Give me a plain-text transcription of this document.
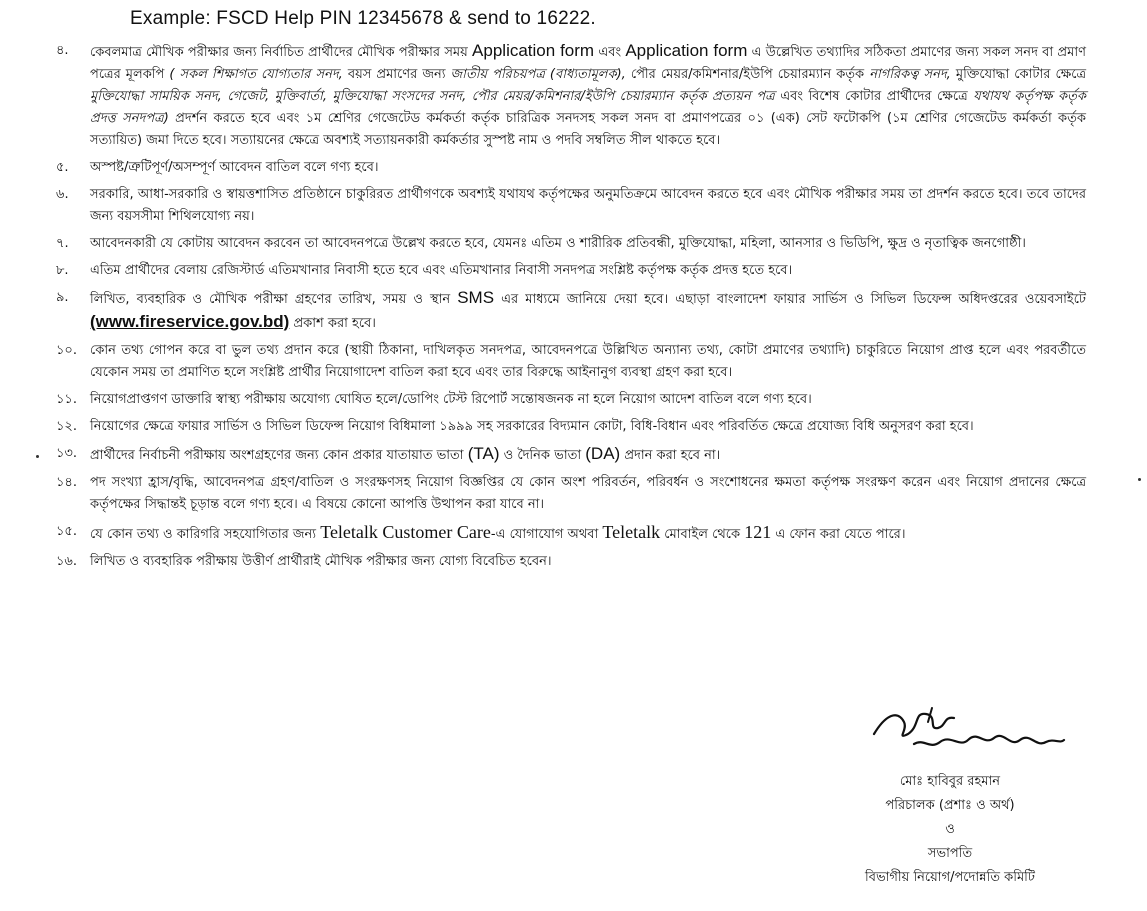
Example: FSCD Help PIN 12345678 & send to 16222.
৪.	কেবলমাত্র মৌখিক পরীক্ষার জন্য নির্বাচিত প্রার্থীদের মৌখিক পরীক্ষার সময় Application form এবং Application form এ উল্লেখিত তথ্যাদির সঠিকতা প্রমাণের জন্য সকল সনদ বা প্রমাণ পত্রের মূলকপি ( সকল শিক্ষাগত যোগ্যতার সনদ, বয়স প্রমাণের জন্য জাতীয় পরিচয়পত্র (বাধ্যতামূলক), পৌর মেয়র/কমিশনার/ইউপি চেয়ারম্যান কর্তৃক নাগরিকত্ব সনদ, মুক্তিযোদ্ধা কোটার ক্ষেত্রে মুক্তিযোদ্ধা সাময়িক সনদ, গেজেট, মুক্তিবার্তা, মুক্তিযোদ্ধা সংসদের সনদ, পৌর মেয়র/কমিশনার/ইউপি চেয়ারম্যান কর্তৃক প্রত্যয়ন পত্র এবং বিশেষ কোটার প্রার্থীদের ক্ষেত্রে যথাযথ কর্তৃপক্ষ কর্তৃক প্রদত্ত সনদপত্র) প্রদর্শন করতে হবে এবং ১ম শ্রেণির গেজেটেড কর্মকর্তা কর্তৃক চারিত্রিক সনদসহ সকল সনদ বা প্রমাণপত্রের ০১ (এক) সেট ফটোকপি (১ম শ্রেণির গেজেটেড কর্মকর্তা কর্তৃক সত্যায়িত) জমা দিতে হবে। সত্যায়নের ক্ষেত্রে অবশ্যই সত্যায়নকারী কর্মকর্তার সুস্পষ্ট নাম ও পদবি সম্বলিত সীল থাকতে হবে।
৫.	অস্পষ্ট/ত্রুটিপূর্ণ/অসম্পূর্ণ আবেদন বাতিল বলে গণ্য হবে।
৬.	সরকারি, আধা-সরকারি ও স্বায়ত্তশাসিত প্রতিষ্ঠানে চাকুরিরত প্রার্থীগণকে অবশ্যই যথাযথ কর্তৃপক্ষের অনুমতিক্রমে আবেদন করতে হবে এবং মৌখিক পরীক্ষার সময় তা প্রদর্শন করতে হবে। তবে তাদের জন্য বয়সসীমা শিথিলযোগ্য নয়।
৭.	আবেদনকারী যে কোটায় আবেদন করবেন তা আবেদনপত্রে উল্লেখ করতে হবে, যেমনঃ এতিম ও শারীরিক প্রতিবন্ধী, মুক্তিযোদ্ধা, মহিলা, আনসার ও ভিডিপি, ক্ষুদ্র ও নৃতাত্বিক জনগোষ্ঠী।
৮.	এতিম প্রার্থীদের বেলায় রেজিস্টার্ড এতিমখানার নিবাসী হতে হবে এবং এতিমখানার নিবাসী সনদপত্র সংশ্লিষ্ট কর্তৃপক্ষ কর্তৃক প্রদত্ত হতে হবে।
৯.	লিখিত, ব্যবহারিক ও মৌখিক পরীক্ষা গ্রহণের তারিখ, সময় ও স্থান SMS এর মাধ্যমে জানিয়ে দেয়া হবে। এছাড়া বাংলাদেশ ফায়ার সার্ভিস ও সিভিল ডিফেন্স অধিদপ্তরের ওয়েবসাইটে (www.fireservice.gov.bd) প্রকাশ করা হবে।
১০. কোন তথ্য গোপন করে বা ভুল তথ্য প্রদান করে (স্থায়ী ঠিকানা, দাখিলকৃত সনদপত্র, আবেদনপত্রে উল্লিখিত অন্যান্য তথ্য, কোটা প্রমাণের তথ্যাদি) চাকুরিতে নিয়োগ প্রাপ্ত হলে এবং পরবর্তীতে যেকোন সময় তা প্রমাণিত হলে সংশ্লিষ্ট প্রার্থীর নিয়োগাদেশ বাতিল করা হবে এবং তার বিরুদ্ধে আইনানুগ ব্যবস্থা গ্রহণ করা হবে।
১১. নিয়োগপ্রাপ্তগণ ডাক্তারি স্বাস্থ্য পরীক্ষায় অযোগ্য ঘোষিত হলে/ডোপিং টেস্ট রিপোর্ট সন্তোষজনক না হলে নিয়োগ আদেশ বাতিল বলে গণ্য হবে।
১২. নিয়োগের ক্ষেত্রে ফায়ার সার্ভিস ও সিভিল ডিফেন্স নিয়োগ বিধিমালা ১৯৯৯ সহ সরকারের বিদ্যমান কোটা, বিধি-বিধান এবং পরিবর্তিত ক্ষেত্রে প্রযোজ্য বিধি অনুসরণ করা হবে।
১৩. প্রার্থীদের নির্বাচনী পরীক্ষায় অংশগ্রহণের জন্য কোন প্রকার যাতায়াত ভাতা (TA) ও দৈনিক ভাতা (DA) প্রদান করা হবে না।
১৪. পদ সংখ্যা হ্রাস/বৃদ্ধি, আবেদনপত্র গ্রহণ/বাতিল ও সংরক্ষণসহ নিয়োগ বিজ্ঞপ্তির যে কোন অংশ পরিবর্তন, পরিবর্ধন ও সংশোধনের ক্ষমতা কর্তৃপক্ষ সংরক্ষণ করেন এবং নিয়োগ প্রদানের ক্ষেত্রে কর্তৃপক্ষের সিদ্ধান্তই চূড়ান্ত বলে গণ্য হবে। এ বিষয়ে কোনো আপত্তি উত্থাপন করা যাবে না।
১৫. যে কোন তথ্য ও কারিগরি সহযোগিতার জন্য Teletalk Customer Care-এ যোগাযোগ অথবা Teletalk মোবাইল থেকে 121 এ ফোন করা যেতে পারে।
১৬. লিখিত ও ব্যবহারিক পরীক্ষায় উত্তীর্ণ প্রার্থীরাই মৌখিক পরীক্ষার জন্য যোগ্য বিবেচিত হবেন।
মোঃ হাবিবুর রহমান
পরিচালক (প্রশাঃ ও অর্থ)
ও
সভাপতি
বিভাগীয় নিয়োগ/পদোন্নতি কমিটি
